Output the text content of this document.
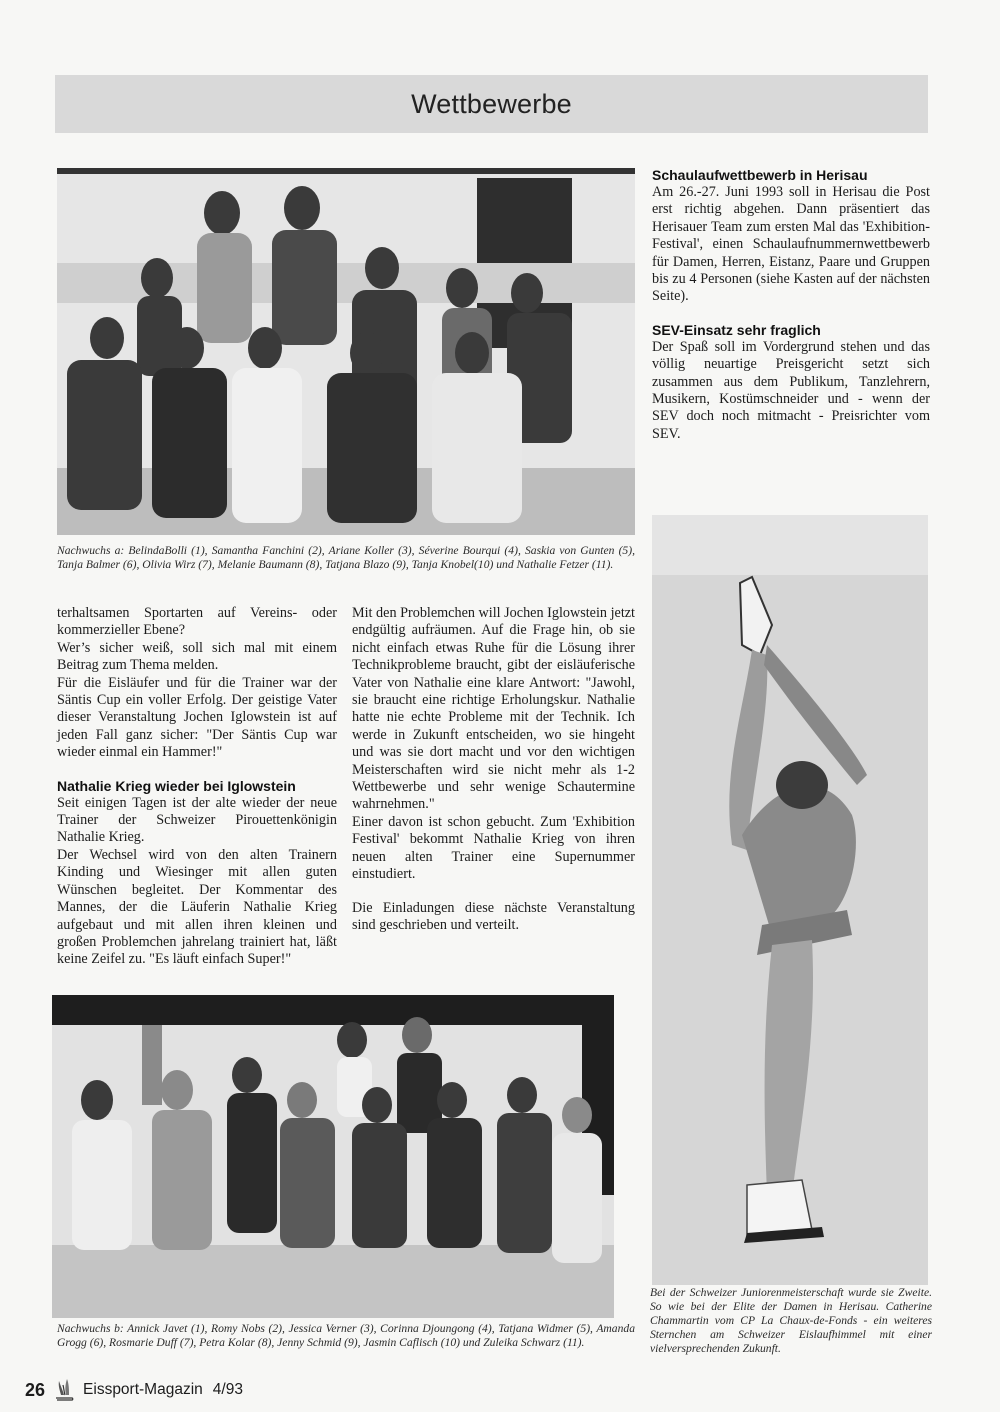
Wettbewerbe
Nachwuchs a: BelindaBolli (1), Samantha Fanchini (2), Ariane Koller (3), Séverine Bourqui (4), Saskia von Gunten (5), Tanja Balmer (6), Olivia Wirz (7), Melanie Baumann (8), Tatjana Blazo (9), Tanja Knobel(10) und Nathalie Fetzer (11).
Schaulaufwettbewerb in Herisau

Am 26.-27. Juni 1993 soll in Herisau die Post erst richtig abgehen. Dann präsentiert das Herisauer Team zum ersten Mal das 'Exhibition-Festival', einen Schaulaufnummernwettbewerb für Damen, Herren, Eistanz, Paare und Gruppen bis zu 4 Personen (siehe Kasten auf der nächsten Seite).

SEV-Einsatz sehr fraglich

Der Spaß soll im Vordergrund stehen und das völlig neuartige Preisgericht setzt sich zusammen aus dem Publikum, Tanzlehrern, Musikern, Kostümschneider und - wenn der SEV doch noch mitmacht - Preisrichter vom SEV.

terhaltsamen Sportarten auf Vereins- oder kommerzieller Ebene?

Wer’s sicher weiß, soll sich mal mit einem Beitrag zum Thema melden.

Für die Eisläufer und für die Trainer war der Säntis Cup ein voller Erfolg. Der geistige Vater dieser Veranstaltung Jochen Iglowstein ist auf jeden Fall ganz sicher: "Der Säntis Cup war wieder einmal ein Hammer!"

Nathalie Krieg wieder bei Iglowstein

Seit einigen Tagen ist der alte wieder der neue Trainer der Schweizer Pirouettenkönigin Nathalie Krieg.

Der Wechsel wird von den alten Trainern Kinding und Wiesinger mit allen guten Wünschen begleitet. Der Kommentar des Mannes, der die Läuferin Nathalie Krieg aufgebaut und mit allen ihren kleinen und großen Problemchen jahrelang trainiert hat, läßt keine Zeifel zu. "Es läuft einfach Super!"

Mit den Problemchen will Jochen Iglowstein jetzt endgültig aufräumen. Auf die Frage hin, ob sie nicht einfach etwas Ruhe für die Lösung ihrer Technikprobleme braucht, gibt der eisläuferische Vater von Nathalie eine klare Antwort: "Jawohl, sie braucht eine richtige Erholungskur. Nathalie hatte nie echte Probleme mit der Technik. Ich werde in Zukunft entscheiden, wo sie hingeht und was sie dort macht und vor den wichtigen Meisterschaften wird sie nicht mehr als 1-2 Wettbewerbe und sehr wenige Schautermine wahrnehmen."

Einer davon ist schon gebucht. Zum 'Exhibition Festival' bekommt Nathalie Krieg von ihren neuen alten Trainer eine Supernummer einstudiert.

Die Einladungen diese nächste Veranstaltung sind geschrieben und verteilt.

Nachwuchs b: Annick Javet (1), Romy Nobs (2), Jessica Verner (3), Corinna Djoungong (4), Tatjana Widmer (5), Amanda Grogg (6), Rosmarie Duff (7), Petra Kolar (8), Jenny Schmid (9), Jasmin Caflisch (10) und Zuleika Schwarz (11).
Bei der Schweizer Juniorenmeisterschaft wurde sie Zweite. So wie bei der Elite der Damen in Herisau. Catherine Chammartin vom CP La Chaux-de-Fonds - ein weiteres Sternchen am Schweizer Eislaufhimmel mit einer vielversprechenden Zukunft.
26 Eissport-Magazin 4/93
